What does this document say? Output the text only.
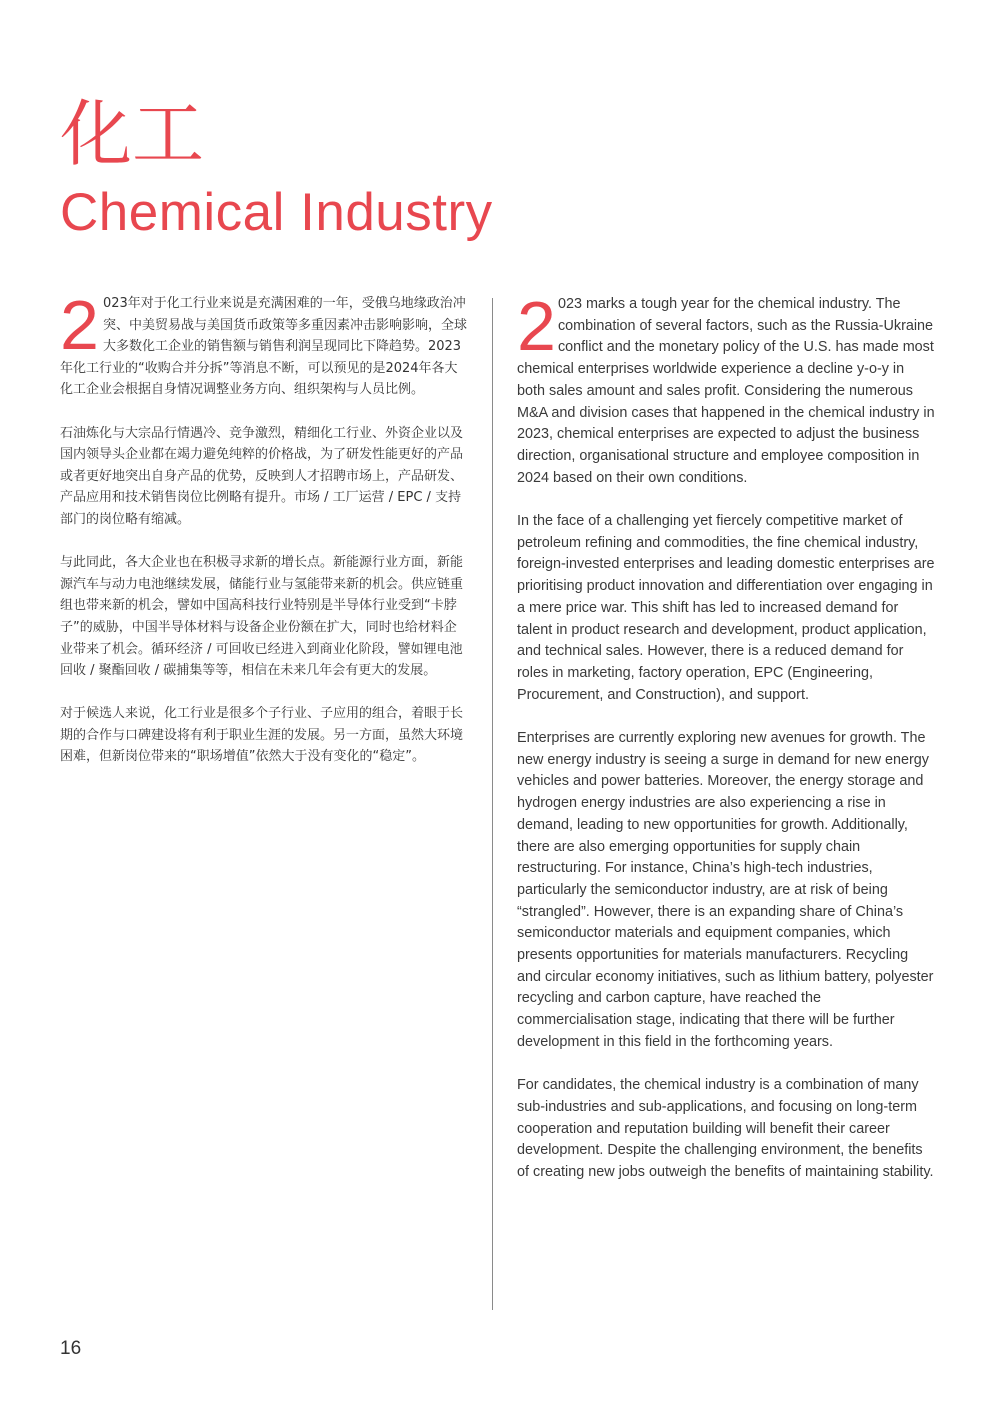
化工
Chemical Industry

2 023年对于化工行业来说是充满困难的一年，受俄乌地缘政治冲突、中美贸易战与美国货币政策等多重因素冲击影响影响，全球大多数化工企业的销售额与销售利润呈现同比下降趋势。2023年化工行业的“收购合并分拆”等消息不断，可以预见的是2024年各大化工企业会根据自身情况调整业务方向、组织架构与人员比例。

石油炼化与大宗品行情遇冷、竞争激烈，精细化工行业、外资企业以及国内领导头企业都在竭力避免纯粹的价格战，为了研发性能更好的产品或者更好地突出自身产品的优势，反映到人才招聘市场上，产品研发、产品应用和技术销售岗位比例略有提升。市场 / 工厂运营 / EPC / 支持部门的岗位略有缩减。

与此同此，各大企业也在积极寻求新的增长点。新能源行业方面，新能源汽车与动力电池继续发展，储能行业与氢能带来新的机会。供应链重组也带来新的机会，譬如中国高科技行业特别是半导体行业受到“卡脖子”的威胁，中国半导体材料与设备企业份额在扩大，同时也给材料企业带来了机会。循环经济 / 可回收已经进入到商业化阶段，譬如锂电池回收 / 聚酯回收 / 碳捕集等等，相信在未来几年会有更大的发展。

对于候选人来说，化工行业是很多个子行业、子应用的组合，着眼于长期的合作与口碑建设将有利于职业生涯的发展。另一方面，虽然大环境困难，但新岗位带来的“职场增值”依然大于没有变化的“稳定”。

2 023 marks a tough year for the chemical industry. The combination of several factors, such as the Russia-Ukraine conflict and the monetary policy of the U.S. has made most chemical enterprises worldwide experience a decline y-o-y in both sales amount and sales profit. Considering the numerous M&A and division cases that happened in the chemical industry in 2023, chemical enterprises are expected to adjust the business direction, organisational structure and employee composition in 2024 based on their own conditions.

In the face of a challenging yet fiercely competitive market of petroleum refining and commodities, the fine chemical industry, foreign-invested enterprises and leading domestic enterprises are prioritising product innovation and differentiation over engaging in a mere price war. This shift has led to increased demand for talent in product research and development, product application, and technical sales. However, there is a reduced demand for roles in marketing, factory operation, EPC (Engineering, Procurement, and Construction), and support.

Enterprises are currently exploring new avenues for growth. The new energy industry is seeing a surge in demand for new energy vehicles and power batteries. Moreover, the energy storage and hydrogen energy industries are also experiencing a rise in demand, leading to new opportunities for growth. Additionally, there are also emerging opportunities for supply chain restructuring. For instance, China’s high-tech industries, particularly the semiconductor industry, are at risk of being “strangled”. However, there is an expanding share of China’s semiconductor materials and equipment companies, which presents opportunities for materials manufacturers. Recycling and circular economy initiatives, such as lithium battery, polyester recycling and carbon capture, have reached the commercialisation stage, indicating that there will be further development in this field in the forthcoming years.

For candidates, the chemical industry is a combination of many sub-industries and sub-applications, and focusing on long-term cooperation and reputation building will benefit their career development. Despite the challenging environment, the benefits of creating new jobs outweigh the benefits of maintaining stability.

16
